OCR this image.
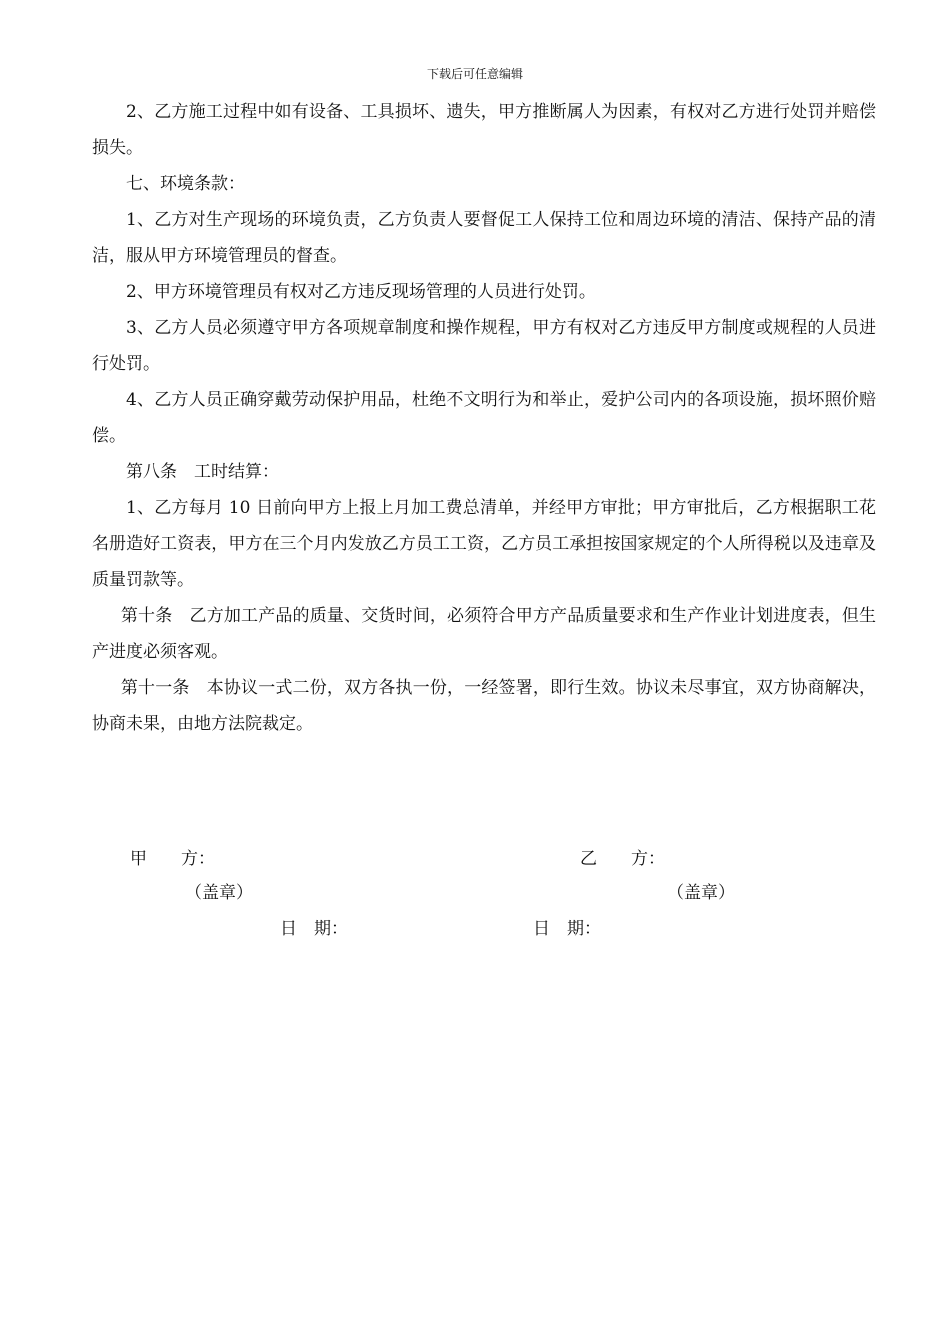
下载后可任意编辑

2、乙方施工过程中如有设备、工具损坏、遗失，甲方推断属人为因素，有权对乙方进行处罚并赔偿损失。

七、环境条款：

1、乙方对生产现场的环境负责，乙方负责人要督促工人保持工位和周边环境的清洁、保持产品的清洁，服从甲方环境管理员的督查。

2、甲方环境管理员有权对乙方违反现场管理的人员进行处罚。

3、乙方人员必须遵守甲方各项规章制度和操作规程，甲方有权对乙方违反甲方制度或规程的人员进行处罚。

4、乙方人员正确穿戴劳动保护用品，杜绝不文明行为和举止，爱护公司内的各项设施，损坏照价赔偿。

第八条　工时结算：

1、乙方每月 10 日前向甲方上报上月加工费总清单，并经甲方审批；甲方审批后，乙方根据职工花名册造好工资表，甲方在三个月内发放乙方员工工资，乙方员工承担按国家规定的个人所得税以及违章及质量罚款等。

第十条　乙方加工产品的质量、交货时间，必须符合甲方产品质量要求和生产作业计划进度表，但生产进度必须客观。

第十一条　本协议一式二份，双方各执一份，一经签署，即行生效。协议未尽事宜，双方协商解决，协商未果，由地方法院裁定。

甲　　方：	乙　　方：
（盖章）	（盖章）
日　期：	日　期：
